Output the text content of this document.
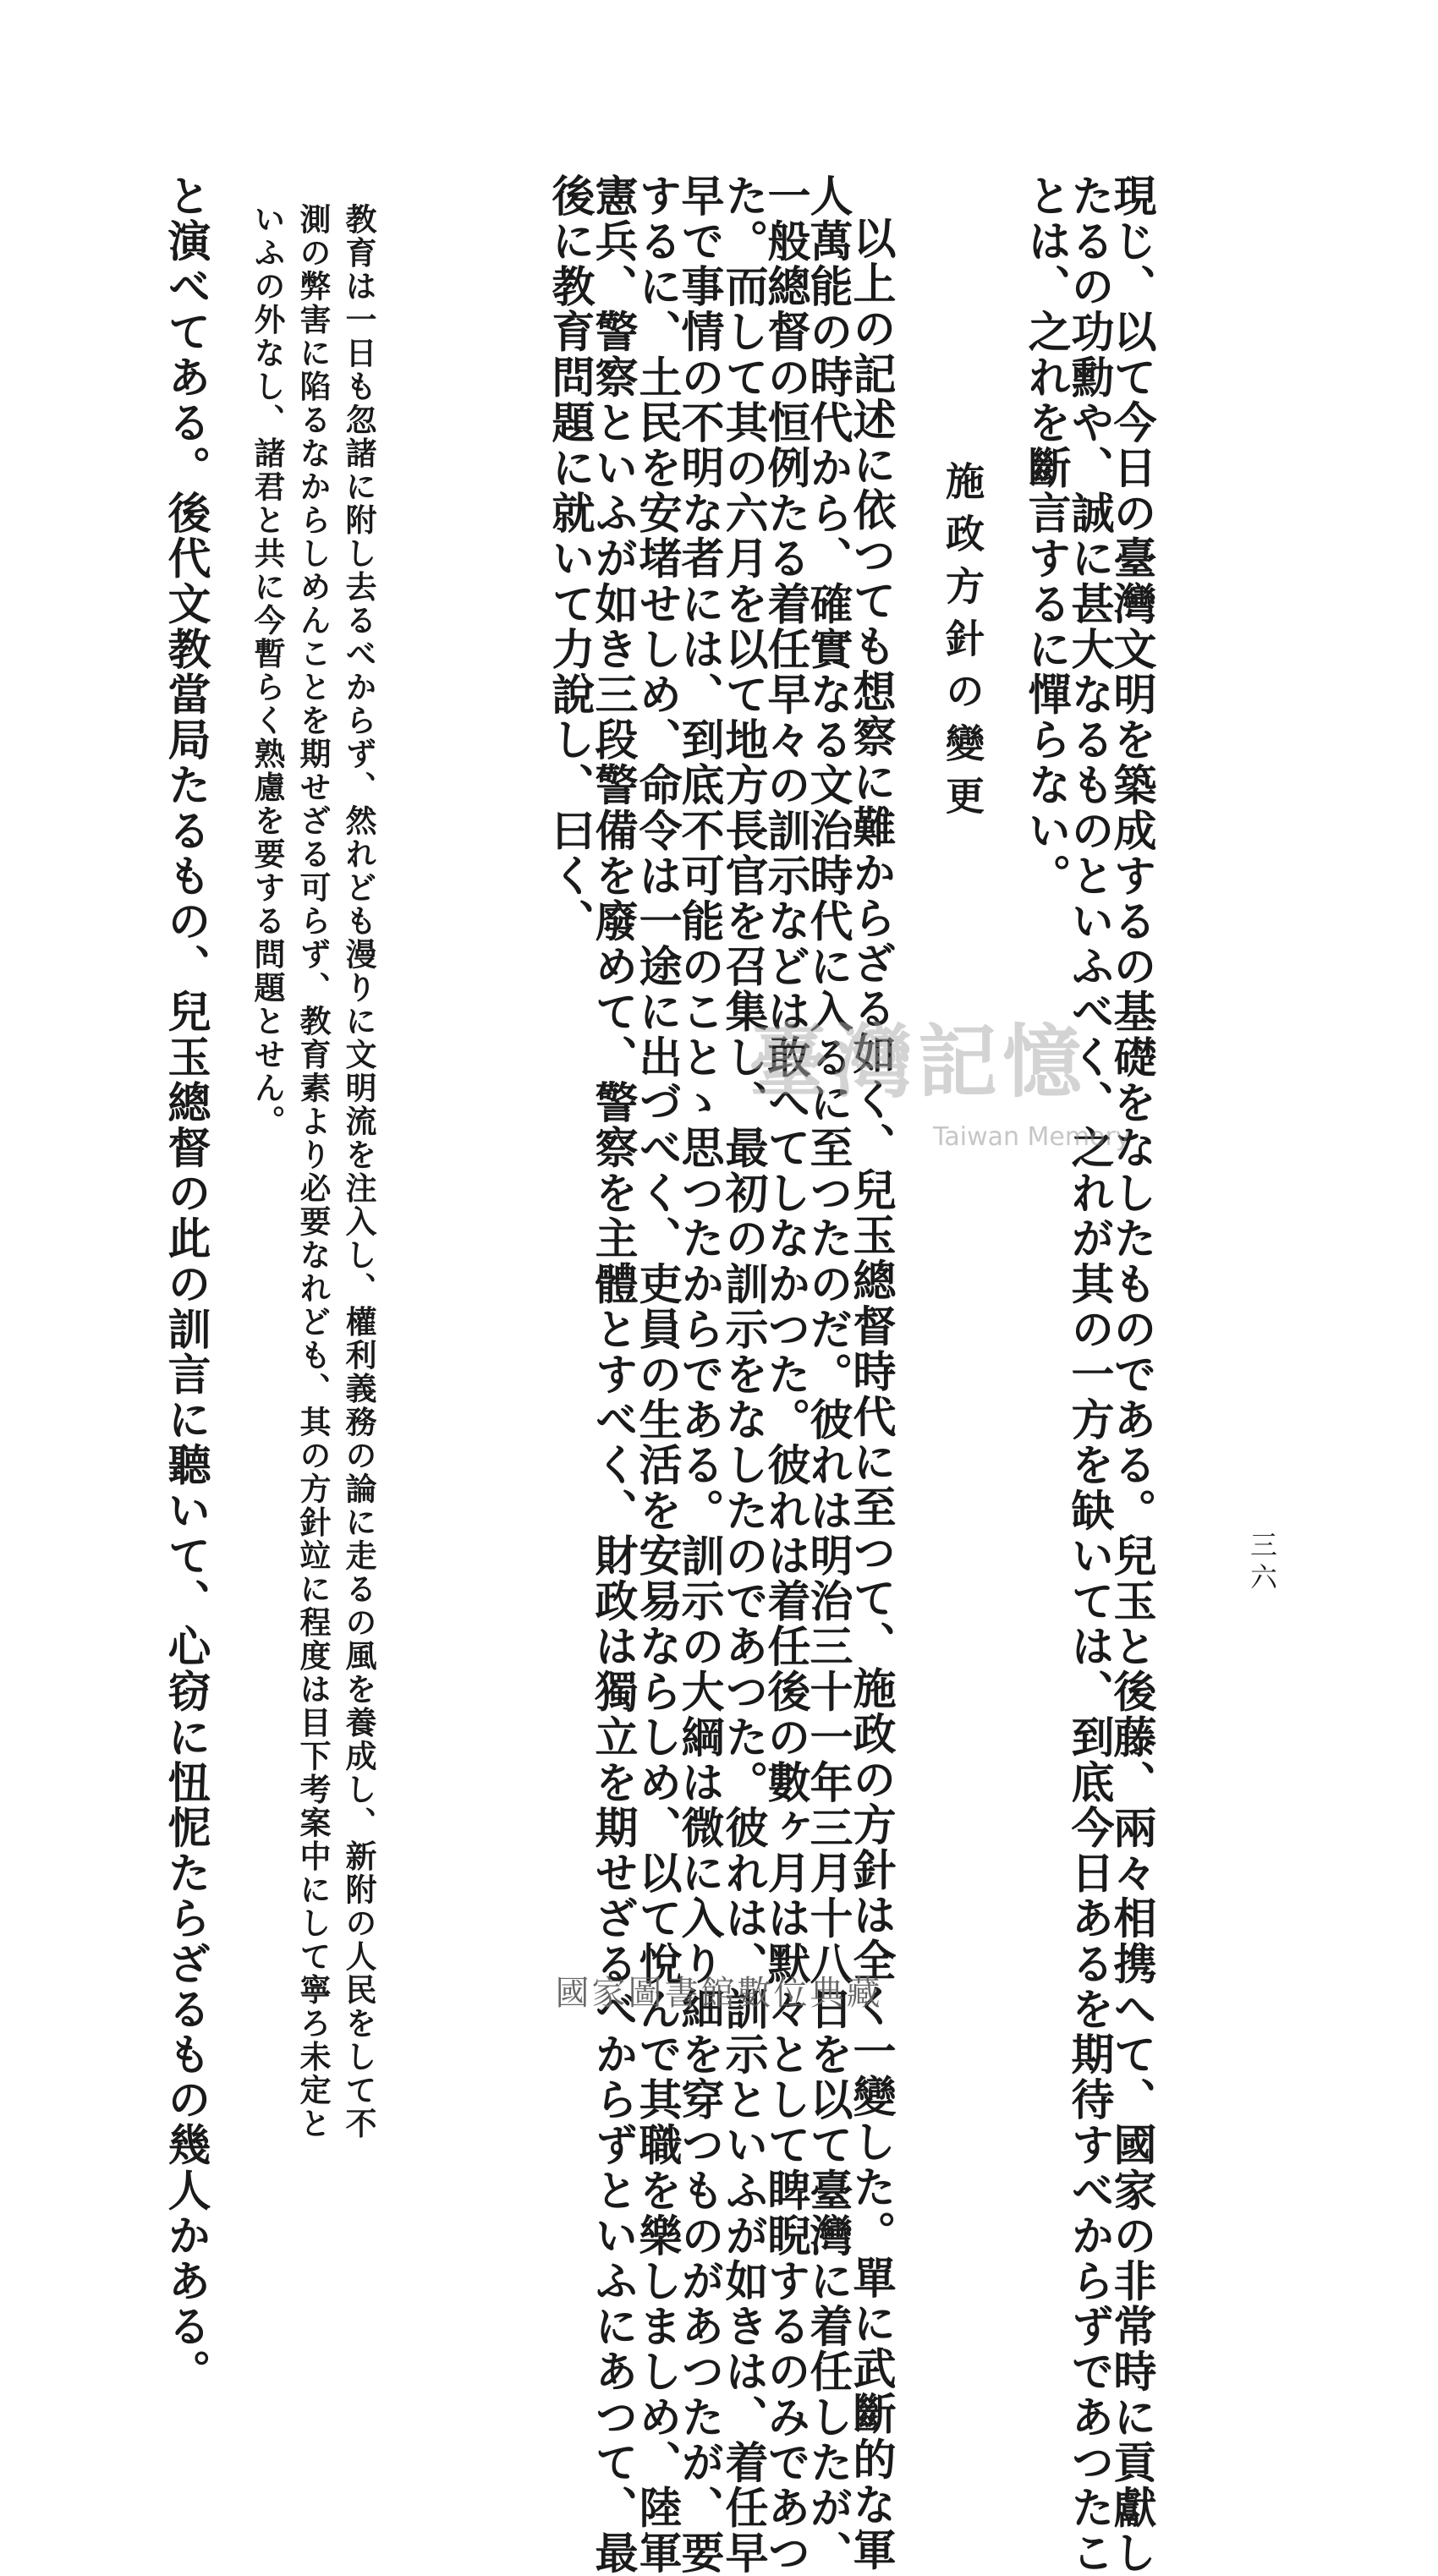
現じ、以て今日の臺灣文明を築成するの基礎をなしたものである。兒玉と後藤、兩々相携へて、國家の非常時に貢獻し
たるの功勳や、誠に甚大なるものといふべく、之れが其の一方を缺いては、到底今日あるを期待すべからずであつたこ
とは、之れを斷言するに憚らない。
施政方針の變更
以上の記述に依つても想察に難からざる如く、兒玉總督時代に至つて、施政の方針は全く一變した。單に武斷的な軍
人萬能の時代から、確實なる文治時代に入るに至つたのだ。彼れは明治三十一年三月十八日を以て臺灣に着任したが、
一般總督の恒例たる着任早々の訓示などは敢へてしなかつた。彼れは着任後の數ヶ月は默々として睥睨するのみであつ
た。而して其の六月を以て地方長官を召集し、最初の訓示をなしたのであつた。彼れは、訓示といふが如きは、着任早
早で事情の不明な者には、到底不可能のことゝ思つたからである。訓示の大綱は微に入り細を穿つものがあつたが、要
するに、土民を安堵せしめ、命令は一途に出づべく、吏員の生活を安易ならしめ、以て悅んで其職を樂しましめ、陸軍
憲兵、警察といふが如き三段警備を廢めて、警察を主體とすべく、財政は獨立を期せざるべからずといふにあつて、最
後に教育問題に就いて力說し、曰く、
教育は一日も忽諸に附し去るべからず、然れども漫りに文明流を注入し、權利義務の論に走るの風を養成し、新附の人民をして不
測の弊害に陷るなからしめんことを期せざる可らず、教育素より必要なれども、其の方針竝に程度は目下考案中にして寧ろ未定と
いふの外なし、諸君と共に今暫らく熟慮を要する問題とせん。
と演べてある。後代文教當局たるもの、兒玉總督の此の訓言に聽いて、心窃に忸怩たらざるもの幾人かある。	三六
臺灣記憶
Taiwan Memory
國家圖書館數位典藏
